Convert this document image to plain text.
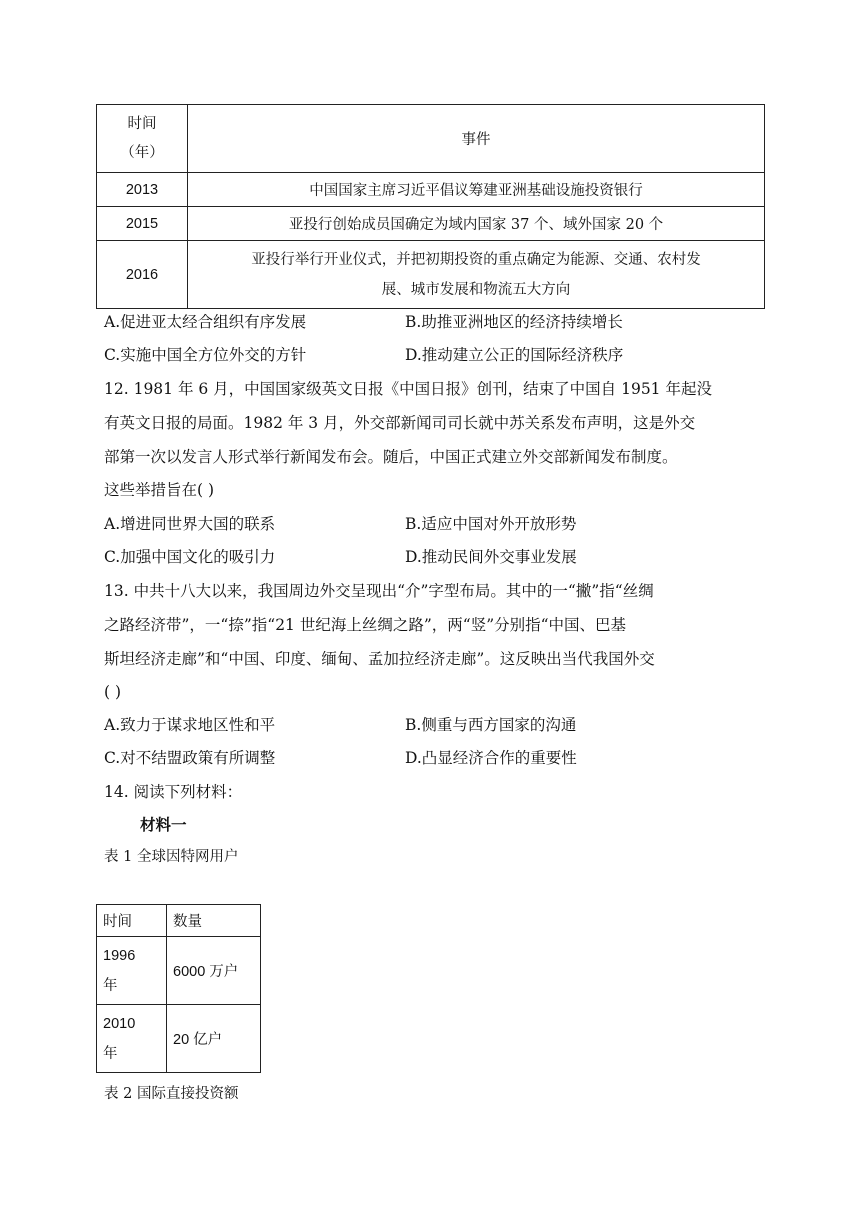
时间
（年）	事件
2013	中国国家主席习近平倡议筹建亚洲基础设施投资银行
2015	亚投行创始成员国确定为域内国家 37 个、域外国家 20 个
2016	亚投行举行开业仪式，并把初期投资的重点确定为能源、交通、农村发
展、城市发展和物流五大方向
A.促进亚太经合组织有序发展	B.助推亚洲地区的经济持续增长
C.实施中国全方位外交的方针	D.推动建立公正的国际经济秩序
12. 1981 年 6 月，中国国家级英文日报《中国日报》创刊，结束了中国自 1951 年起没
有英文日报的局面。1982 年 3 月，外交部新闻司司长就中苏关系发布声明，这是外交
部第一次以发言人形式举行新闻发布会。随后，中国正式建立外交部新闻发布制度。
这些举措旨在( )
A.增进同世界大国的联系	B.适应中国对外开放形势
C.加强中国文化的吸引力	D.推动民间外交事业发展
13. 中共十八大以来，我国周边外交呈现出“介”字型布局。其中的一“撇”指“丝绸
之路经济带”，一“捺”指“21 世纪海上丝绸之路”，两“竖”分别指“中国、巴基
斯坦经济走廊”和“中国、印度、缅甸、孟加拉经济走廊”。这反映出当代我国外交
( )
A.致力于谋求地区性和平	B.侧重与西方国家的沟通
C.对不结盟政策有所调整	D.凸显经济合作的重要性
14. 阅读下列材料：
材料一
表 1 全球因特网用户
时间	数量

1996
年	6000 万户

2010
年	20 亿户
表 2 国际直接投资额
